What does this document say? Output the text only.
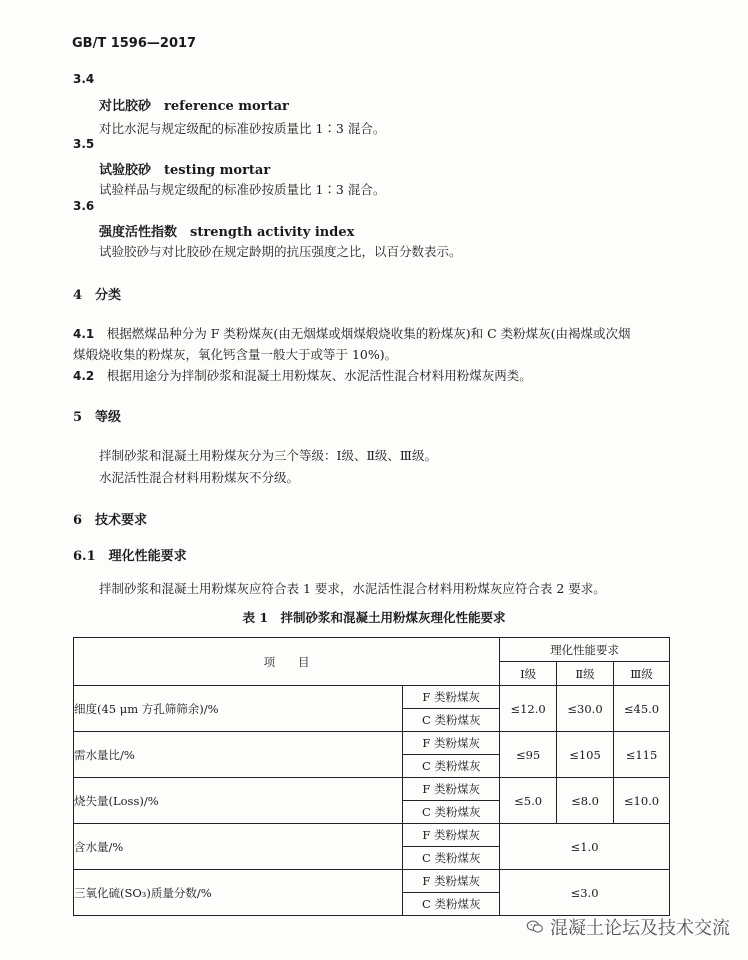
GB/T 1596—2017
3.4
对比胶砂　 reference mortar
对比水泥与规定级配的标准砂按质量比 1∶3 混合。
3.5
试验胶砂　 testing mortar
试验样品与规定级配的标准砂按质量比 1∶3 混合。
3.6
强度活性指数　 strength activity index
试验胶砂与对比胶砂在规定龄期的抗压强度之比，以百分数表示。
4　分类
4.1　 根据燃煤品种分为 F 类粉煤灰(由无烟煤或烟煤煅烧收集的粉煤灰)和 C 类粉煤灰(由褐煤或次烟
煤煅烧收集的粉煤灰，氧化钙含量一般大于或等于 10%)。
4.2　 根据用途分为拌制砂浆和混凝土用粉煤灰、水泥活性混合材料用粉煤灰两类。
5　等级
拌制砂浆和混凝土用粉煤灰分为三个等级：Ⅰ级、Ⅱ级、Ⅲ级。
水泥活性混合材料用粉煤灰不分级。
6　技术要求
6.1　理化性能要求
拌制砂浆和混凝土用粉煤灰应符合表 1 要求，水泥活性混合材料用粉煤灰应符合表 2 要求。
表 1　拌制砂浆和混凝土用粉煤灰理化性能要求
项　　目		理化性能要求		
		Ⅰ级	Ⅱ级	Ⅲ级
细度(45 μm 方孔筛筛余)/%	F 类粉煤灰	≤12.0	≤30.0	≤45.0
	C 类粉煤灰			
需水量比/%	F 类粉煤灰	≤95	≤105	≤115
	C 类粉煤灰			
烧失量(Loss)/%	F 类粉煤灰	≤5.0	≤8.0	≤10.0
	C 类粉煤灰			
含水量/%	F 类粉煤灰	≤1.0		
	C 类粉煤灰			
三氧化硫(SO₃)质量分数/%	F 类粉煤灰	≤3.0		
	C 类粉煤灰			
混凝土论坛及技术交流
